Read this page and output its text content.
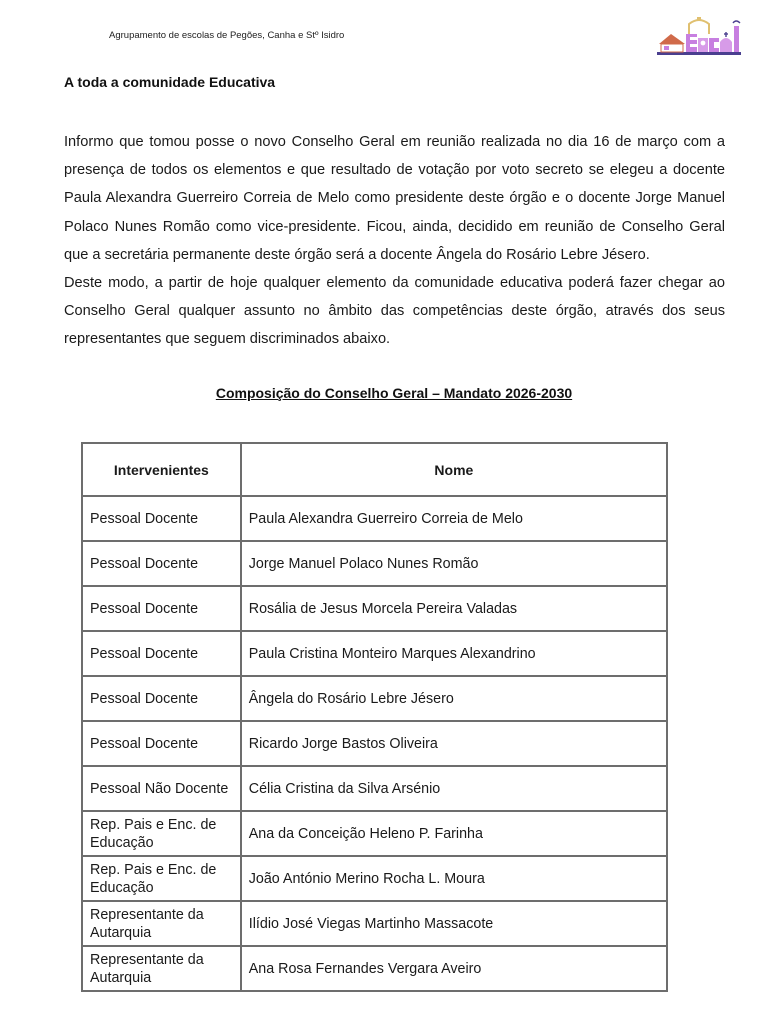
Agrupamento de escolas de Pegões, Canha e Stº Isidro
A toda a comunidade Educativa

Informo que tomou posse o novo Conselho Geral em reunião realizada no dia 16 de março com a presença de todos os elementos e que resultado de votação por voto secreto se elegeu a docente Paula Alexandra Guerreiro Correia de Melo como presidente deste órgão e o docente Jorge Manuel Polaco Nunes Romão como vice-presidente. Ficou, ainda, decidido em reunião de Conselho Geral que a secretária permanente deste órgão será a docente Ângela do Rosário Lebre Jésero.

Deste modo, a partir de hoje qualquer elemento da comunidade educativa poderá fazer chegar ao Conselho Geral qualquer assunto no âmbito das competências deste órgão, através dos seus representantes que seguem discriminados abaixo.

Composição do Conselho Geral – Mandato 2026-2030
Intervenientes	Nome
Pessoal Docente	Paula Alexandra Guerreiro Correia de Melo
Pessoal Docente	Jorge Manuel Polaco Nunes Romão
Pessoal Docente	Rosália de Jesus Morcela Pereira Valadas
Pessoal Docente	Paula Cristina Monteiro Marques Alexandrino
Pessoal Docente	Ângela do Rosário Lebre Jésero
Pessoal Docente	Ricardo Jorge Bastos Oliveira
Pessoal Não Docente	Célia Cristina da Silva Arsénio
Rep. Pais e Enc. de Educação	Ana da Conceição Heleno P. Farinha
Rep. Pais e Enc. de Educação	João António Merino Rocha L. Moura
Representante da Autarquia	Ilídio José Viegas Martinho Massacote
Representante da Autarquia	Ana Rosa Fernandes Vergara Aveiro
